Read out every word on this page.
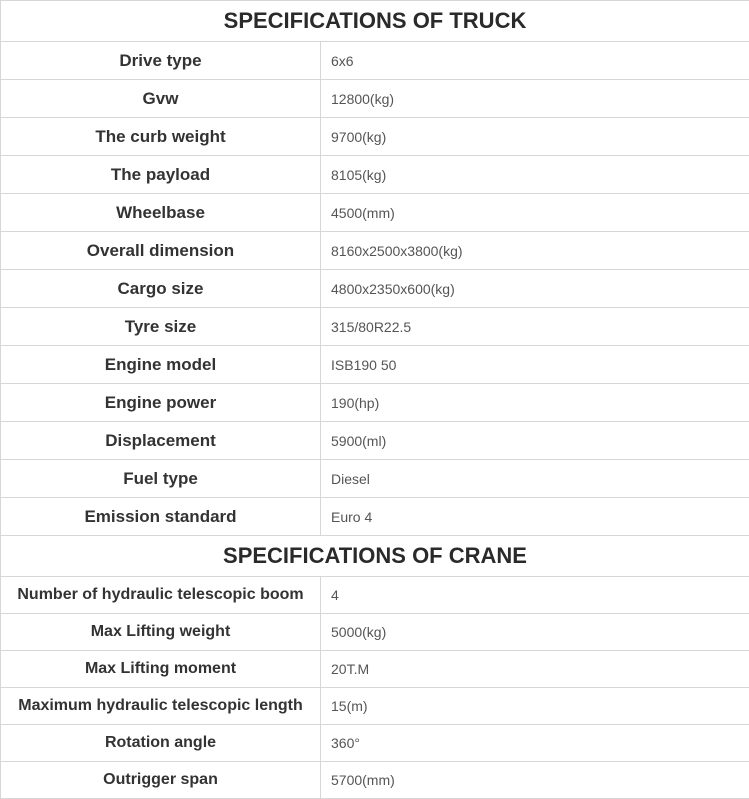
SPECIFICATIONS OF TRUCK	
Drive type	6x6
Gvw	12800(kg)
The curb weight	9700(kg)
The payload	8105(kg)
Wheelbase	4500(mm)
Overall dimension	8160x2500x3800(kg)
Cargo size	4800x2350x600(kg)
Tyre size	315/80R22.5
Engine model	ISB190 50
Engine power	190(hp)
Displacement	5900(ml)
Fuel type	Diesel
Emission standard	Euro 4
SPECIFICATIONS OF CRANE	
Number of hydraulic telescopic boom	4
Max Lifting weight	5000(kg)
Max Lifting moment	20T.M
Maximum hydraulic telescopic length	15(m)
Rotation angle	360°
Outrigger span	5700(mm)
